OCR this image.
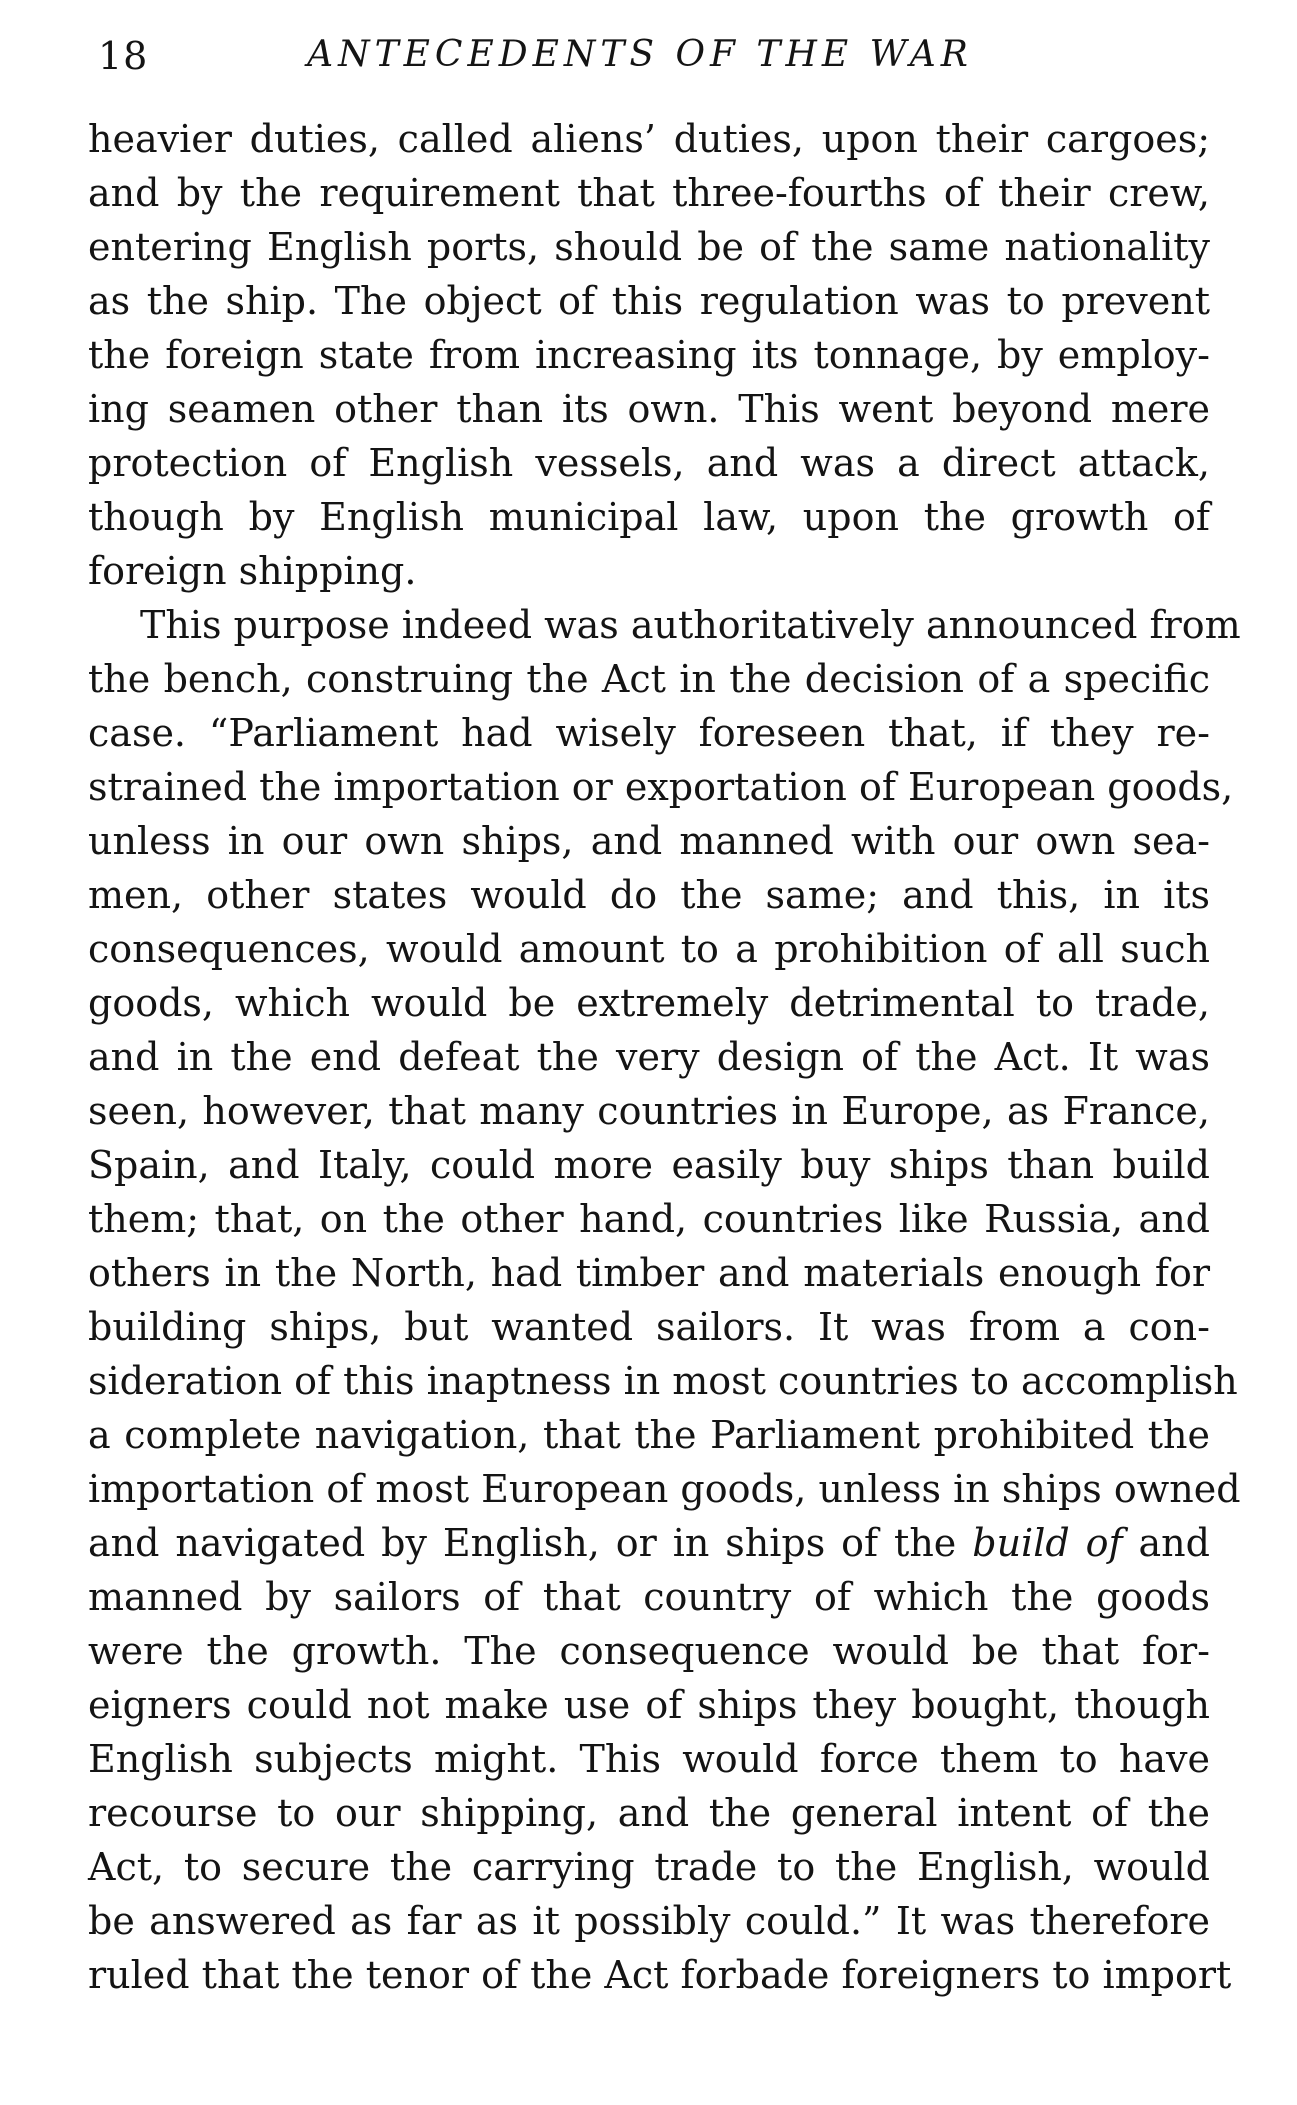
18	ANTECEDENTS OF THE WAR
heavier duties, called aliens’ duties, upon their cargoes;
and by the requirement that three-fourths of their crew,
entering English ports, should be of the same nationality
as the ship. The object of this regulation was to prevent
the foreign state from increasing its tonnage, by employ-
ing seamen other than its own. This went beyond mere
protection of English vessels, and was a direct attack,
though by English municipal law, upon the growth of
foreign shipping.
This purpose indeed was authoritatively announced from
the bench, construing the Act in the decision of a specific
case. “Parliament had wisely foreseen that, if they re-
strained the importation or exportation of European goods,
unless in our own ships, and manned with our own sea-
men, other states would do the same; and this, in its
consequences, would amount to a prohibition of all such
goods, which would be extremely detrimental to trade,
and in the end defeat the very design of the Act. It was
seen, however, that many countries in Europe, as France,
Spain, and Italy, could more easily buy ships than build
them; that, on the other hand, countries like Russia, and
others in the North, had timber and materials enough for
building ships, but wanted sailors. It was from a con-
sideration of this inaptness in most countries to accomplish
a complete navigation, that the Parliament prohibited the
importation of most European goods, unless in ships owned
and navigated by English, or in ships of the build of and
manned by sailors of that country of which the goods
were the growth. The consequence would be that for-
eigners could not make use of ships they bought, though
English subjects might. This would force them to have
recourse to our shipping, and the general intent of the
Act, to secure the carrying trade to the English, would
be answered as far as it possibly could.” It was therefore
ruled that the tenor of the Act forbade foreigners to import
